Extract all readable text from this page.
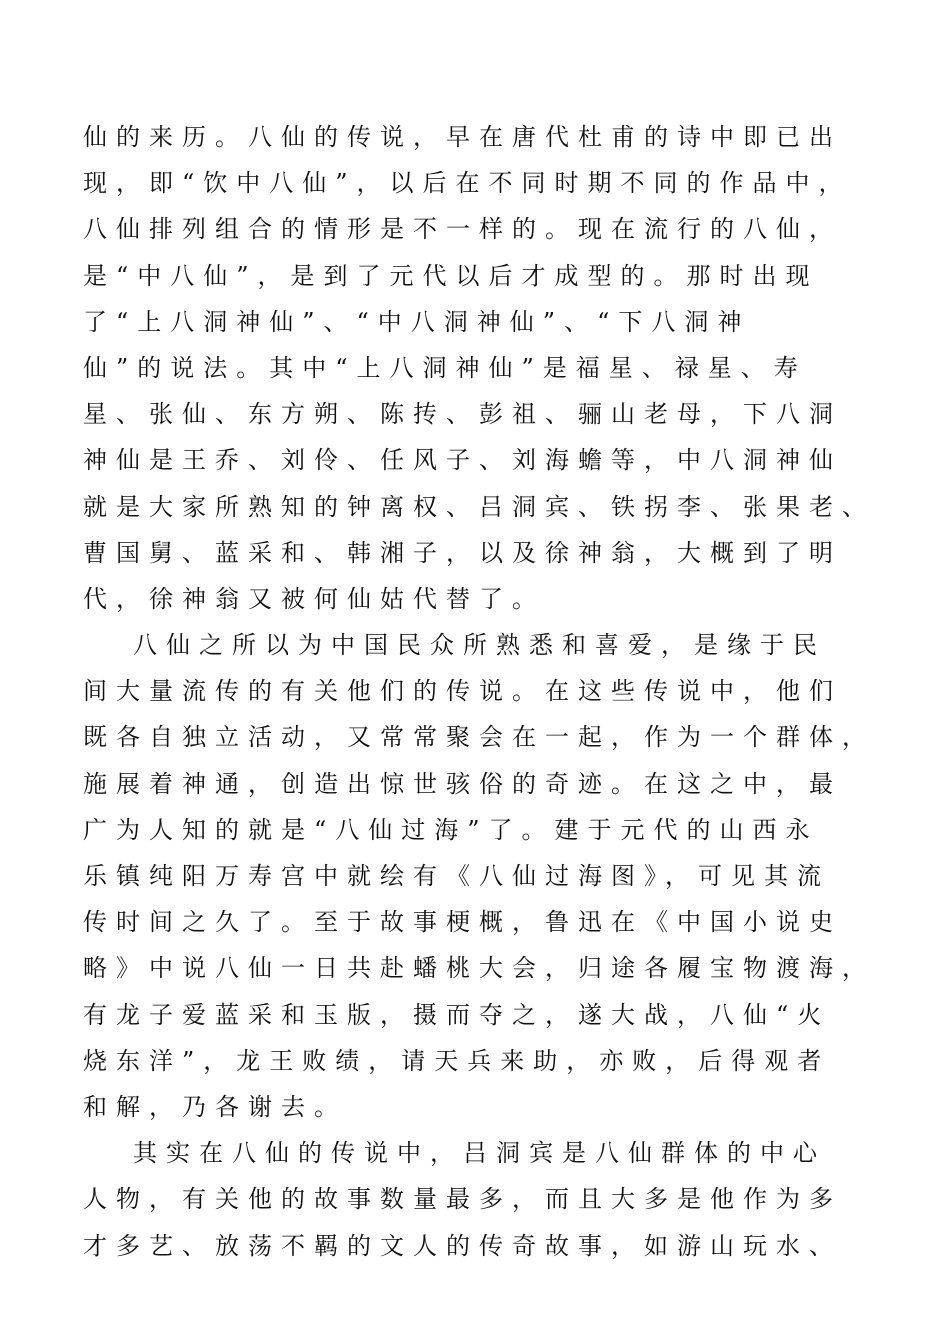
仙的来历。八仙的传说，早在唐代杜甫的诗中即已出
现，即“饮中八仙”，以后在不同时期不同的作品中，
八仙排列组合的情形是不一样的。现在流行的八仙，
是“中八仙”，是到了元代以后才成型的。那时出现
了“上八洞神仙”、“中八洞神仙”、“下八洞神
仙”的说法。其中“上八洞神仙”是福星、禄星、寿
星、张仙、东方朔、陈抟、彭祖、骊山老母，下八洞
神仙是王乔、刘伶、任风子、刘海蟾等，中八洞神仙
就是大家所熟知的钟离权、吕洞宾、铁拐李、张果老、
曹国舅、蓝采和、韩湘子，以及徐神翁，大概到了明
代，徐神翁又被何仙姑代替了。
八仙之所以为中国民众所熟悉和喜爱，是缘于民
间大量流传的有关他们的传说。在这些传说中，他们
既各自独立活动，又常常聚会在一起，作为一个群体，
施展着神通，创造出惊世骇俗的奇迹。在这之中，最
广为人知的就是“八仙过海”了。建于元代的山西永
乐镇纯阳万寿宫中就绘有《八仙过海图》，可见其流
传时间之久了。至于故事梗概，鲁迅在《中国小说史
略》中说八仙一日共赴蟠桃大会，归途各履宝物渡海，
有龙子爱蓝采和玉版，摄而夺之，遂大战，八仙“火
烧东洋”，龙王败绩，请天兵来助，亦败，后得观者
和解，乃各谢去。
其实在八仙的传说中，吕洞宾是八仙群体的中心
人物，有关他的故事数量最多，而且大多是他作为多
才多艺、放荡不羁的文人的传奇故事，如游山玩水、
